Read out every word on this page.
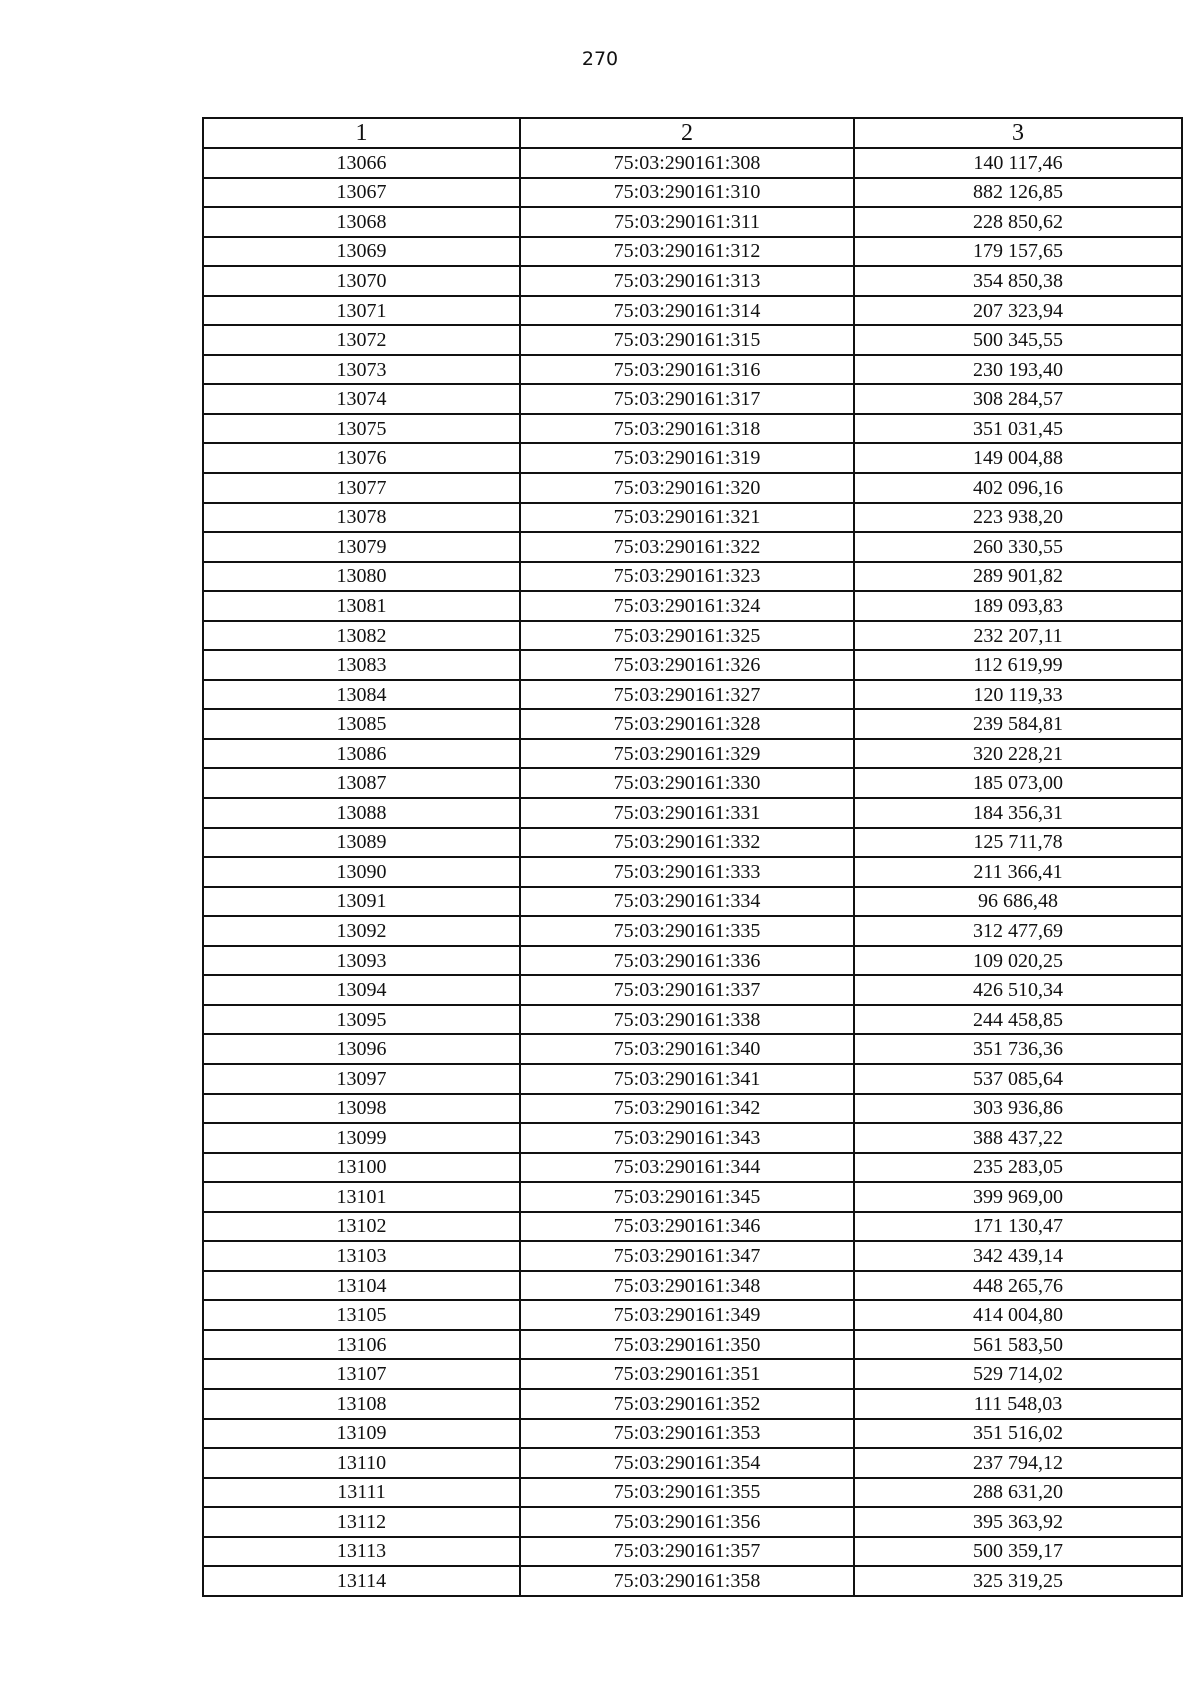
270
1	2	3
13066	75:03:290161:308	140 117,46
13067	75:03:290161:310	882 126,85
13068	75:03:290161:311	228 850,62
13069	75:03:290161:312	179 157,65
13070	75:03:290161:313	354 850,38
13071	75:03:290161:314	207 323,94
13072	75:03:290161:315	500 345,55
13073	75:03:290161:316	230 193,40
13074	75:03:290161:317	308 284,57
13075	75:03:290161:318	351 031,45
13076	75:03:290161:319	149 004,88
13077	75:03:290161:320	402 096,16
13078	75:03:290161:321	223 938,20
13079	75:03:290161:322	260 330,55
13080	75:03:290161:323	289 901,82
13081	75:03:290161:324	189 093,83
13082	75:03:290161:325	232 207,11
13083	75:03:290161:326	112 619,99
13084	75:03:290161:327	120 119,33
13085	75:03:290161:328	239 584,81
13086	75:03:290161:329	320 228,21
13087	75:03:290161:330	185 073,00
13088	75:03:290161:331	184 356,31
13089	75:03:290161:332	125 711,78
13090	75:03:290161:333	211 366,41
13091	75:03:290161:334	96 686,48
13092	75:03:290161:335	312 477,69
13093	75:03:290161:336	109 020,25
13094	75:03:290161:337	426 510,34
13095	75:03:290161:338	244 458,85
13096	75:03:290161:340	351 736,36
13097	75:03:290161:341	537 085,64
13098	75:03:290161:342	303 936,86
13099	75:03:290161:343	388 437,22
13100	75:03:290161:344	235 283,05
13101	75:03:290161:345	399 969,00
13102	75:03:290161:346	171 130,47
13103	75:03:290161:347	342 439,14
13104	75:03:290161:348	448 265,76
13105	75:03:290161:349	414 004,80
13106	75:03:290161:350	561 583,50
13107	75:03:290161:351	529 714,02
13108	75:03:290161:352	111 548,03
13109	75:03:290161:353	351 516,02
13110	75:03:290161:354	237 794,12
13111	75:03:290161:355	288 631,20
13112	75:03:290161:356	395 363,92
13113	75:03:290161:357	500 359,17
13114	75:03:290161:358	325 319,25
